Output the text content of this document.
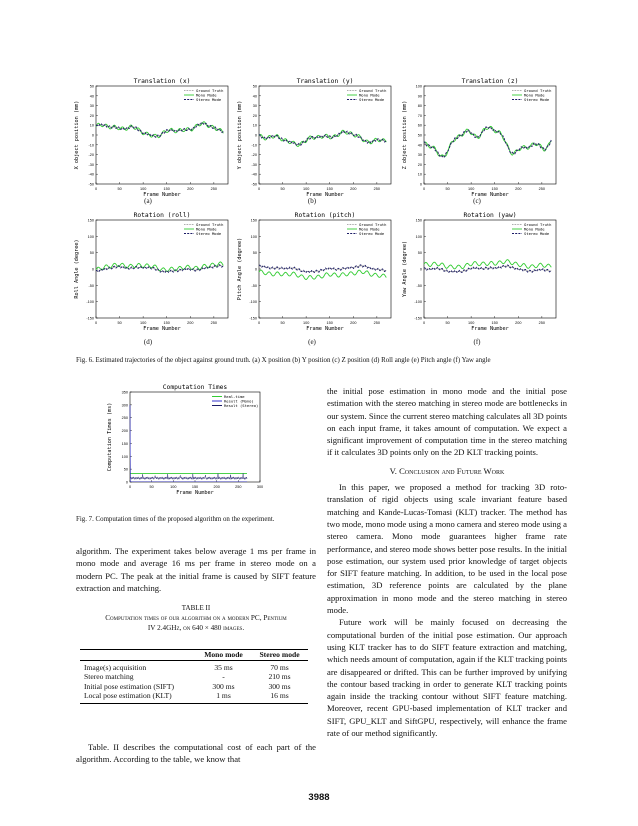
Translation (x)
-50
-40
-30
-20
-10
0
10
20
30
40
50
0	50	100	150	200	250
Frame Number
X object position (mm)
Ground Truth
Mono Mode
Stereo Mode
Translation (y)
-50
-40
-30
-20
-10
0
10
20
30
40
50
0	50	100	150	200	250
Frame Number
Y object position (mm)
Ground Truth
Mono Mode
Stereo Mode
Translation (z)
0
10
20
30
40
50
60
70
80
90
100
0	50	100	150	200	250
Frame Number
Z object position (mm)
Ground Truth
Mono Mode
Stereo Mode
Rotation (roll)
-150
-100
-50
0
50
100
150
0	50	100	150	200	250
Frame Number
Roll Angle (degree)
Ground Truth
Mono Mode
Stereo Mode
Rotation (pitch)
-150
-100
-50
0
50
100
150
0	50	100	150	200	250
Frame Number
Pitch Angle (degree)
Ground Truth
Mono Mode
Stereo Mode
Rotation (yaw)
-150
-100
-50
0
50
100
150
0	50	100	150	200	250
Frame Number
Yaw Angle (degree)
Ground Truth
Mono Mode
Stereo Mode
(a)	(b)	(c)
(d)	(e)	(f)
Fig. 6. Estimated trajectories of the object against ground truth. (a) X position (b) Y position (c) Z position (d) Roll angle (e) Pitch angle (f) Yaw angle
Computation Times
0
50
100
150
200
250
300
350
0	50	100	150	200	250	300
Frame Number
Computation Times (ms)
Real-time
Result (Mono)
Result (Stereo)
Fig. 7. Computation times of the proposed algorithm on the experiment.

algorithm. The experiment takes below average 1 ms per frame in mono mode and average 16 ms per frame in stereo mode on a modern PC. The peak at the initial frame is caused by SIFT feature extraction and matching.

TABLE II
Computation times of our algorithm on a modern PC, Pentium
IV 2.4GHz, on 640 × 480 images.
	Mono mode	Stereo mode
Image(s) acquisition	35 ms	70 ms
Stereo matching	-	210 ms
Initial pose estimation (SIFT)	300 ms	300 ms
Local pose estimation (KLT)	1 ms	16 ms

Table. II describes the computational cost of each part of the algorithm. According to the table, we know that

the initial pose estimation in mono mode and the initial pose estimation with the stereo matching in stereo mode are bottlenecks in our system. Since the current stereo matching calculates all 3D points on each input frame, it takes amount of computation. We expect a significant improvement of computation time in the stereo matching if it calculates 3D points only on the 2D KLT tracking points.

V. Conclusion and Future Work

In this paper, we proposed a method for tracking 3D roto-translation of rigid objects using scale invariant feature based matching and Kande-Lucas-Tomasi (KLT) tracker. The method has two mode, mono mode using a mono camera and stereo mode using a stereo camera. Mono mode guarantees higher frame rate performance, and stereo mode shows better pose results. In the initial pose estimation, our system used prior knowledge of target objects for SIFT feature matching. In addition, to be used in the local pose estimation, 3D reference points are calculated by the plane approximation in mono mode and the stereo matching in stereo mode.

Future work will be mainly focused on decreasing the computational burden of the initial pose estimation. Our approach using KLT tracker has to do SIFT feature extraction and matching, which needs amount of computation, again if the KLT tracking points are disappeared or drifted. This can be further improved by unifying the contour based tracking in order to generate KLT tracking points again inside the tracking contour without SIFT feature matching. Moreover, recent GPU-based implementation of KLT tracker and SIFT, GPU_KLT and SiftGPU, respectively, will enhance the frame rate of our method significantly.

3988
